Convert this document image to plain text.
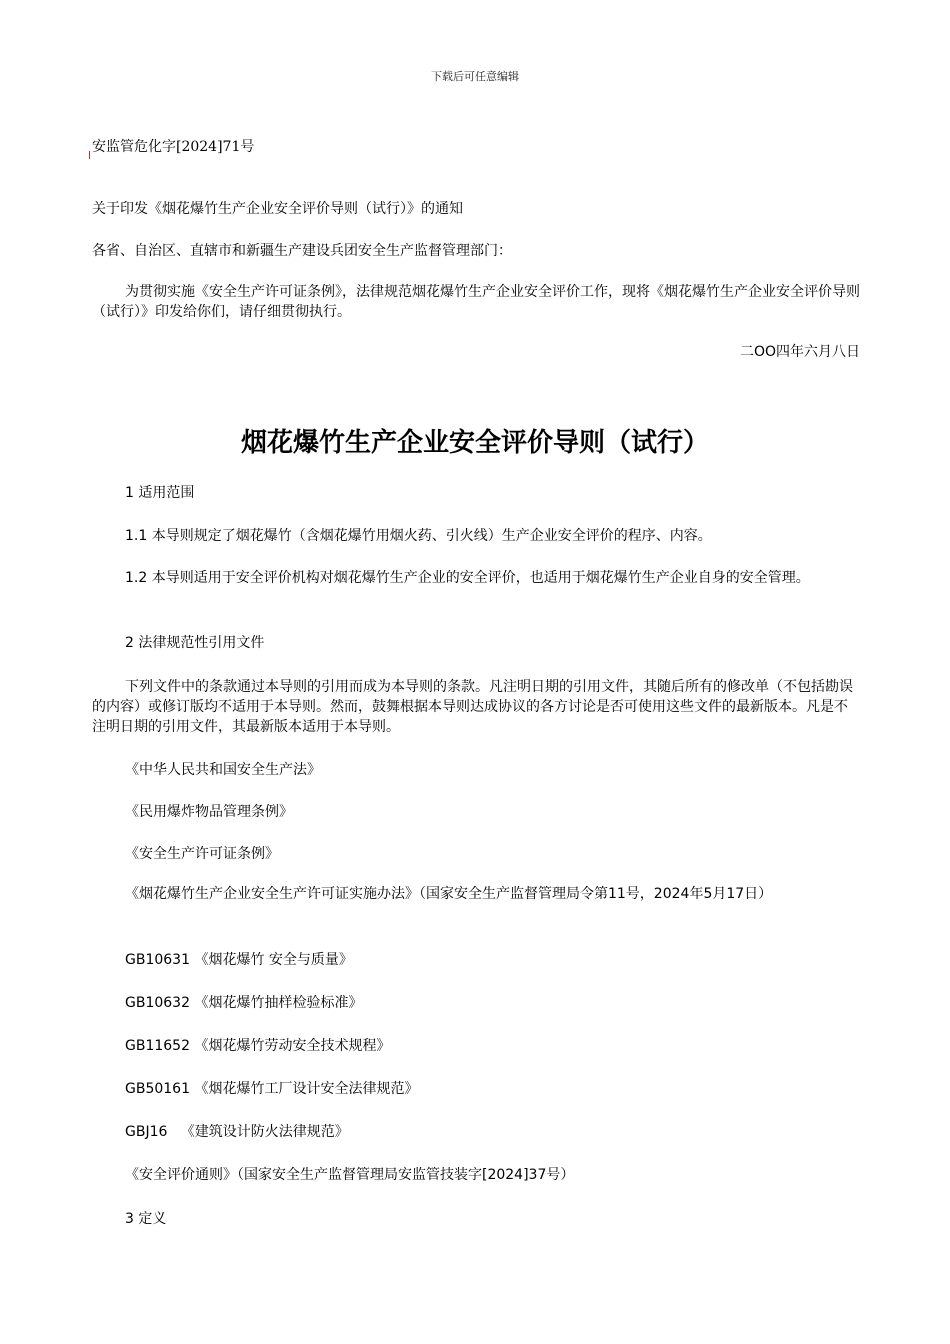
下载后可任意编辑
安监管危化字[2024]71号
关于印发《烟花爆竹生产企业安全评价导则（试行）》的通知
各省、自治区、直辖市和新疆生产建设兵团安全生产监督管理部门：
为贯彻实施《安全生产许可证条例》，法律规范烟花爆竹生产企业安全评价工作，现将《烟花爆竹生产企业安全评价导则（试行）》印发给你们，请仔细贯彻执行。
二OO四年六月八日
烟花爆竹生产企业安全评价导则（试行）
1 适用范围
1.1 本导则规定了烟花爆竹（含烟花爆竹用烟火药、引火线）生产企业安全评价的程序、内容。
1.2 本导则适用于安全评价机构对烟花爆竹生产企业的安全评价，也适用于烟花爆竹生产企业自身的安全管理。
2 法律规范性引用文件
下列文件中的条款通过本导则的引用而成为本导则的条款。凡注明日期的引用文件，其随后所有的修改单（不包括勘误的内容）或修订版均不适用于本导则。然而，鼓舞根据本导则达成协议的各方讨论是否可使用这些文件的最新版本。凡是不注明日期的引用文件，其最新版本适用于本导则。
《中华人民共和国安全生产法》
《民用爆炸物品管理条例》
《安全生产许可证条例》
《烟花爆竹生产企业安全生产许可证实施办法》（国家安全生产监督管理局令第11号，2024年5月17日）
GB10631 《烟花爆竹 安全与质量》
GB10632 《烟花爆竹抽样检验标准》
GB11652 《烟花爆竹劳动安全技术规程》
GB50161 《烟花爆竹工厂设计安全法律规范》
GBJ16   《建筑设计防火法律规范》
《安全评价通则》（国家安全生产监督管理局安监管技装字[2024]37号）
3 定义
